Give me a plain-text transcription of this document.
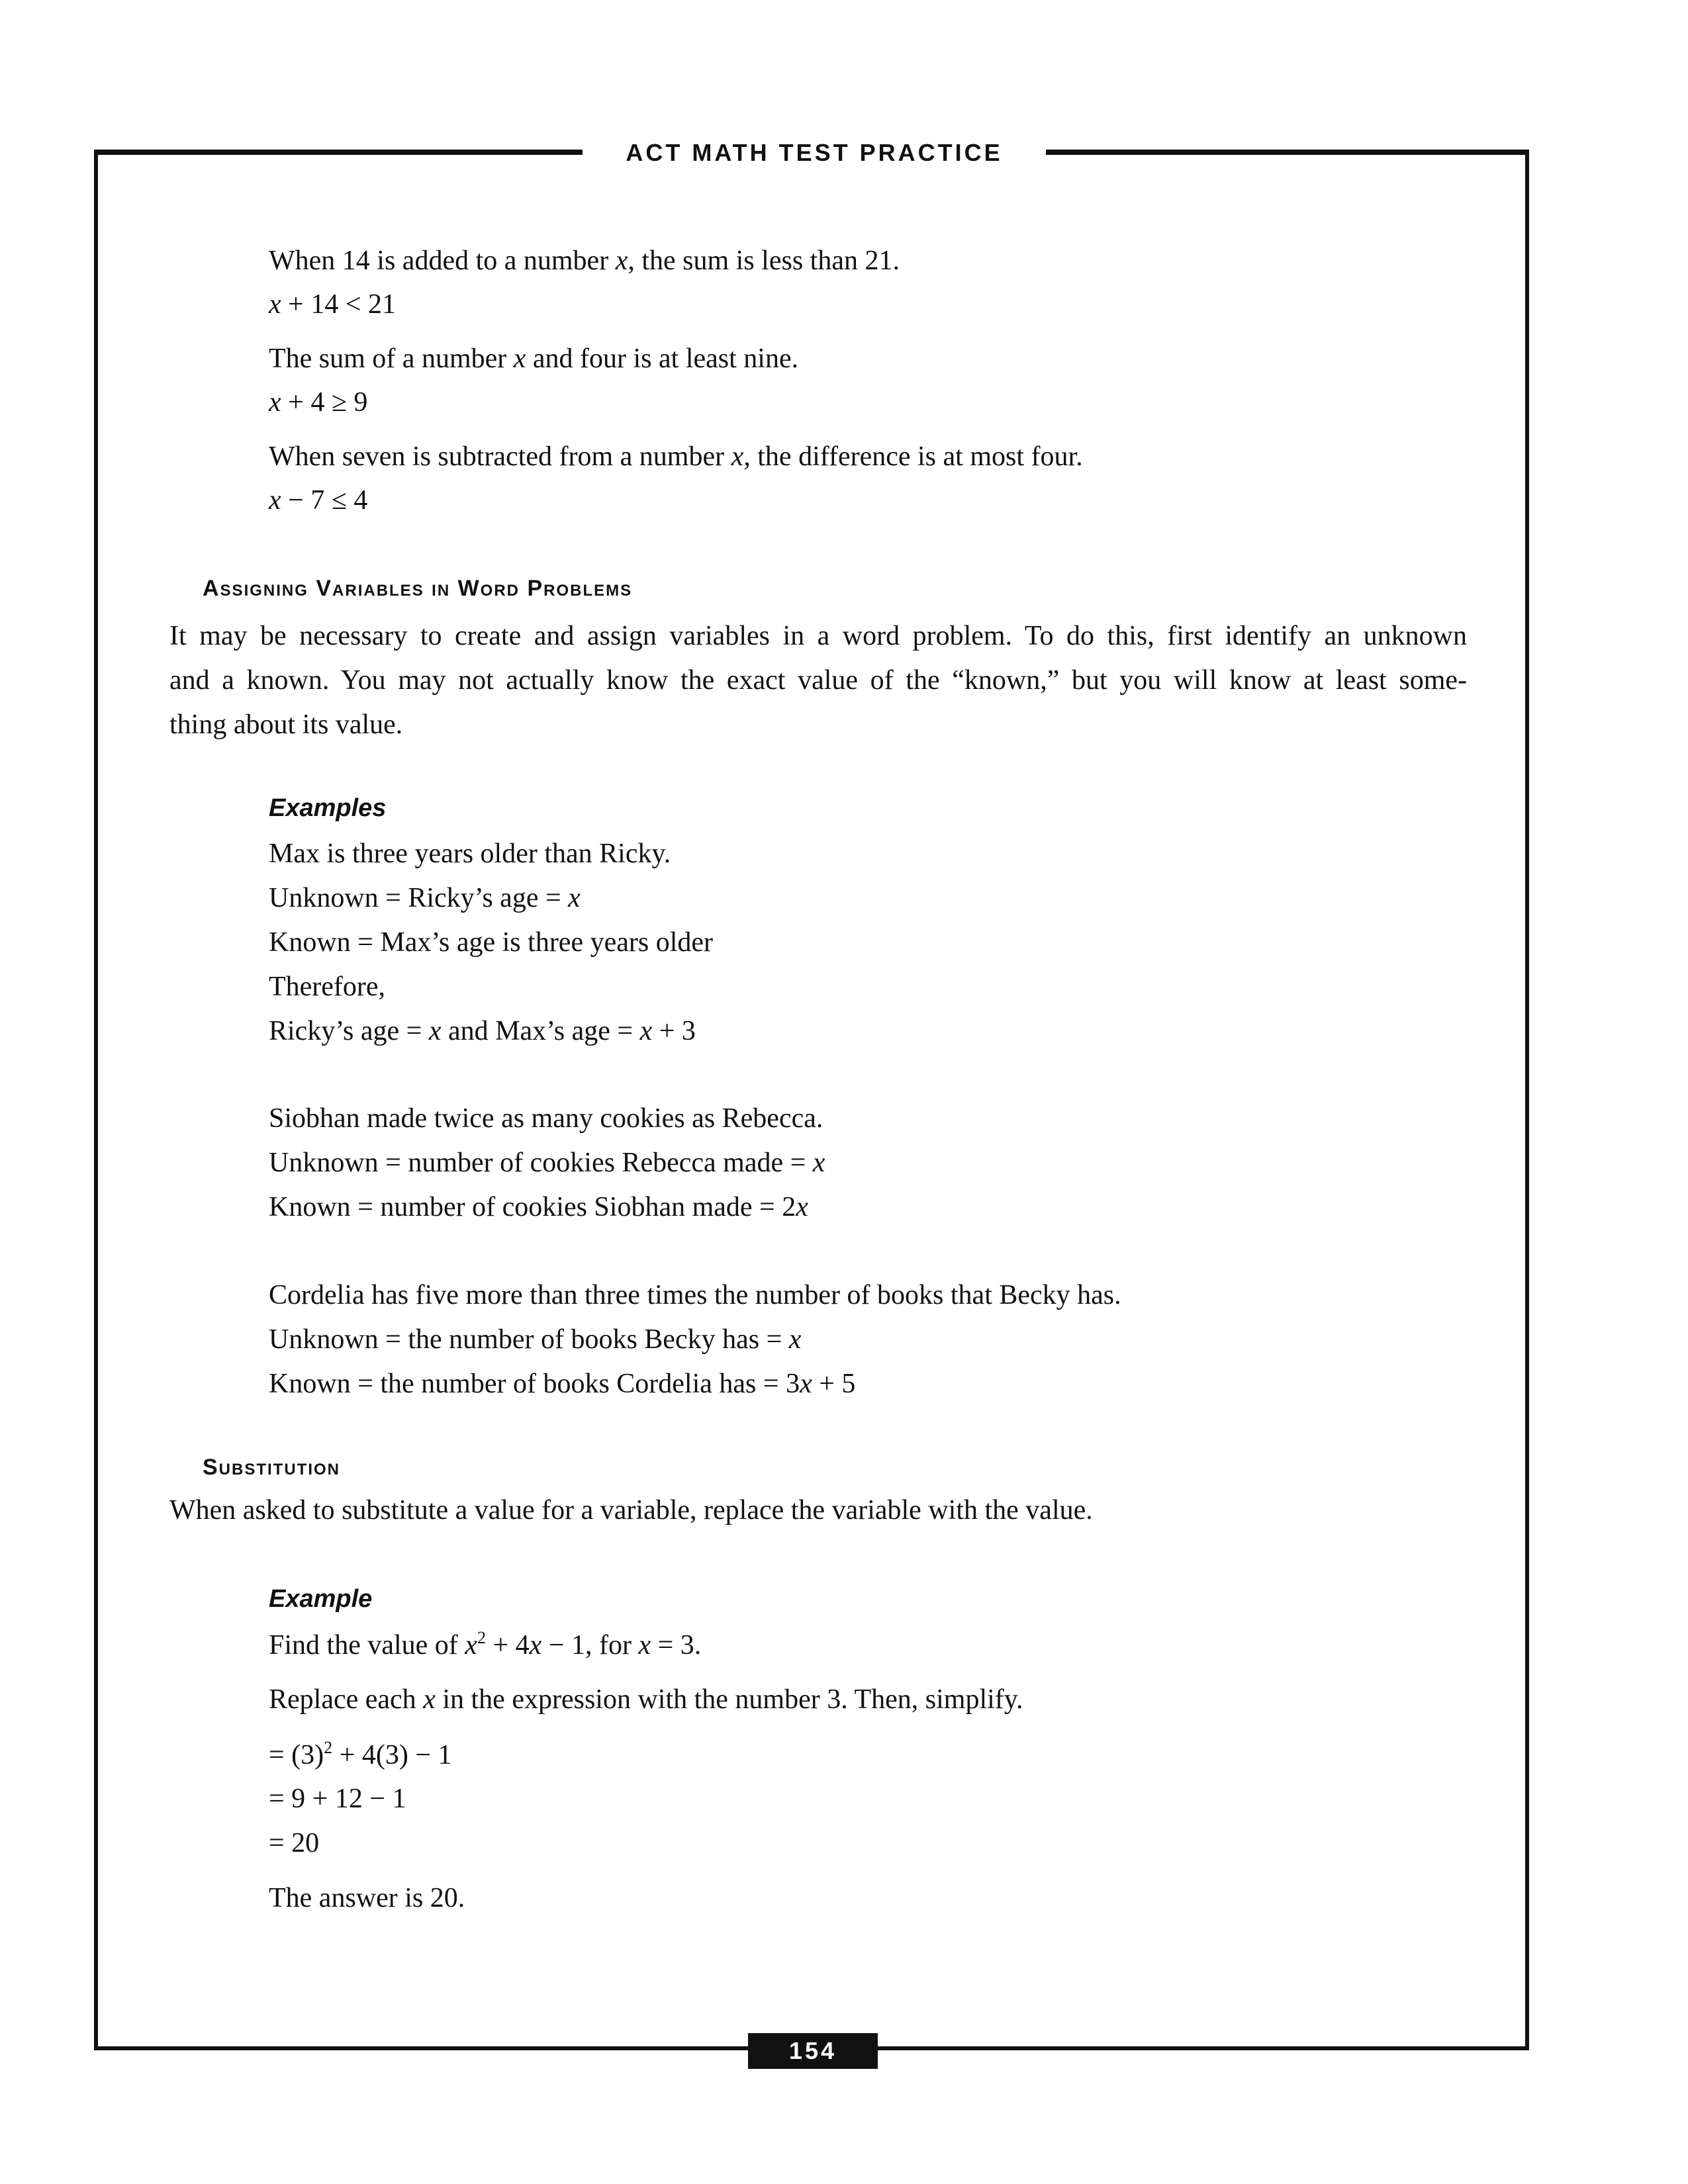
ACT MATH TEST PRACTICE
When 14 is added to a number x, the sum is less than 21.
x + 14 < 21
The sum of a number x and four is at least nine.
x + 4 ≥ 9
When seven is subtracted from a number x, the difference is at most four.
x − 7 ≤ 4
Assigning Variables in Word Problems
It may be necessary to create and assign variables in a word problem. To do this, first identify an unknown
and a known. You may not actually know the exact value of the “known,” but you will know at least some-
thing about its value.
Examples
Max is three years older than Ricky.
Unknown = Ricky’s age = x
Known = Max’s age is three years older
Therefore,
Ricky’s age = x and Max’s age = x + 3
Siobhan made twice as many cookies as Rebecca.
Unknown = number of cookies Rebecca made = x
Known = number of cookies Siobhan made = 2x
Cordelia has five more than three times the number of books that Becky has.
Unknown = the number of books Becky has = x
Known = the number of books Cordelia has = 3x + 5
Substitution
When asked to substitute a value for a variable, replace the variable with the value.
Example
Find the value of $x^2 + 4x - 1$, for x = 3.
Replace each x in the expression with the number 3. Then, simplify.
= $(3)^2 + 4(3) - 1$
= 9 + 12 − 1
= 20
The answer is 20.
154
